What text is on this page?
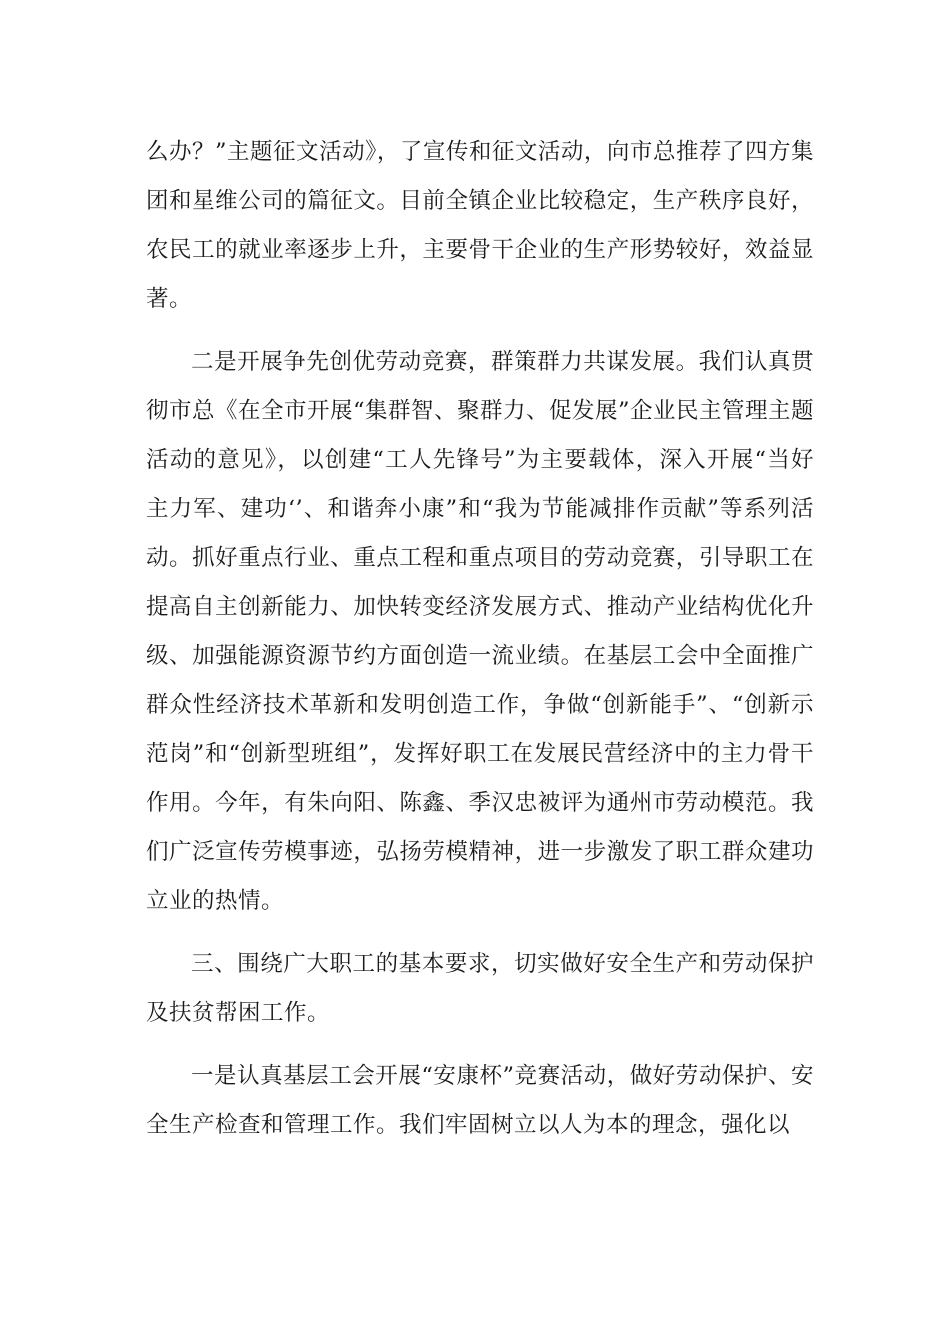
么办？”主题征文活动》，了宣传和征文活动，向市总推荐了四方集团和星维公司的篇征文。目前全镇企业比较稳定，生产秩序良好，农民工的就业率逐步上升，主要骨干企业的生产形势较好，效益显著。

二是开展争先创优劳动竞赛，群策群力共谋发展。我们认真贯彻市总《在全市开展“集群智、聚群力、促发展”企业民主管理主题活动的意见》，以创建“工人先锋号”为主要载体，深入开展“当好主力军、建功‘’、和谐奔小康”和“我为节能减排作贡献”等系列活动。抓好重点行业、重点工程和重点项目的劳动竞赛，引导职工在提高自主创新能力、加快转变经济发展方式、推动产业结构优化升级、加强能源资源节约方面创造一流业绩。在基层工会中全面推广群众性经济技术革新和发明创造工作，争做“创新能手”、“创新示范岗”和“创新型班组”，发挥好职工在发展民营经济中的主力骨干作用。今年，有朱向阳、陈鑫、季汉忠被评为通州市劳动模范。我们广泛宣传劳模事迹，弘扬劳模精神，进一步激发了职工群众建功立业的热情。

三、围绕广大职工的基本要求，切实做好安全生产和劳动保护及扶贫帮困工作。

一是认真基层工会开展“安康杯”竞赛活动，做好劳动保护、安全生产检查和管理工作。我们牢固树立以人为本的理念，强化以
